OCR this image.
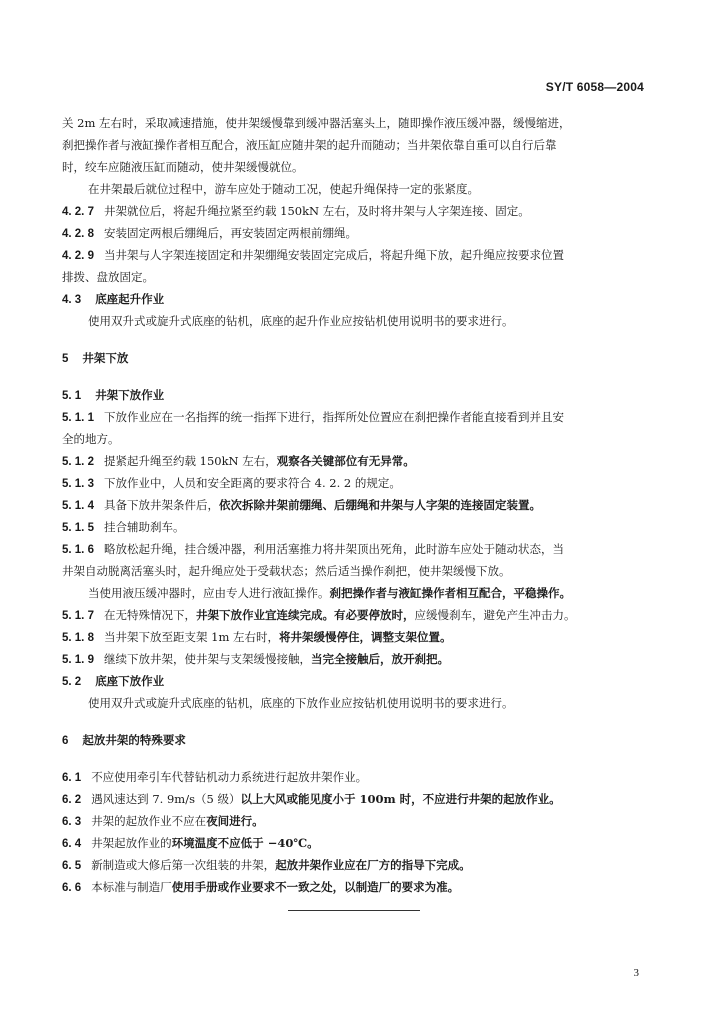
SY/T 6058—2004
关 2m 左右时，采取减速措施，使井架缓慢靠到缓冲器活塞头上，随即操作液压缓冲器，缓慢缩进，
刹把操作者与液缸操作者相互配合，液压缸应随井架的起升而随动；当井架依靠自重可以自行后靠
时，绞车应随液压缸而随动，使井架缓慢就位。
在井架最后就位过程中，游车应处于随动工况，使起升绳保持一定的张紧度。
4. 2. 7 井架就位后，将起升绳拉紧至约载 150kN 左右，及时将井架与人字架连接、固定。
4. 2. 8 安装固定两根后绷绳后，再安装固定两根前绷绳。
4. 2. 9 当井架与人字架连接固定和井架绷绳安装固定完成后，将起升绳下放，起升绳应按要求位置
排拨、盘放固定。
4. 3 底座起升作业
使用双升式或旋升式底座的钻机，底座的起升作业应按钻机使用说明书的要求进行。
5 井架下放
5. 1 井架下放作业
5. 1. 1 下放作业应在一名指挥的统一指挥下进行，指挥所处位置应在刹把操作者能直接看到并且安
全的地方。
5. 1. 2 提紧起升绳至约载 150kN 左右，观察各关键部位有无异常。
5. 1. 3 下放作业中，人员和安全距离的要求符合 4. 2. 2 的规定。
5. 1. 4 具备下放井架条件后，依次拆除井架前绷绳、后绷绳和井架与人字架的连接固定装置。
5. 1. 5 挂合辅助刹车。
5. 1. 6 略放松起升绳，挂合缓冲器，利用活塞推力将井架顶出死角，此时游车应处于随动状态，当
井架自动脱离活塞头时，起升绳应处于受载状态；然后适当操作刹把，使井架缓慢下放。
当使用液压缓冲器时，应由专人进行液缸操作。刹把操作者与液缸操作者相互配合，平稳操作。
5. 1. 7 在无特殊情况下，井架下放作业宜连续完成。有必要停放时，应缓慢刹车，避免产生冲击力。
5. 1. 8 当井架下放至距支架 1m 左右时，将井架缓慢停住，调整支架位置。
5. 1. 9 继续下放井架，使井架与支架缓慢接触，当完全接触后，放开刹把。
5. 2 底座下放作业
使用双升式或旋升式底座的钻机，底座的下放作业应按钻机使用说明书的要求进行。
6 起放井架的特殊要求
6. 1 不应使用牵引车代替钻机动力系统进行起放井架作业。
6. 2 遇风速达到 7. 9m/s（5 级）以上大风或能见度小于 100m 时，不应进行井架的起放作业。
6. 3 井架的起放作业不应在夜间进行。
6. 4 井架起放作业的环境温度不应低于 −40℃。
6. 5 新制造或大修后第一次组装的井架，起放井架作业应在厂方的指导下完成。
6. 6 本标准与制造厂使用手册或作业要求不一致之处，以制造厂的要求为准。
3
